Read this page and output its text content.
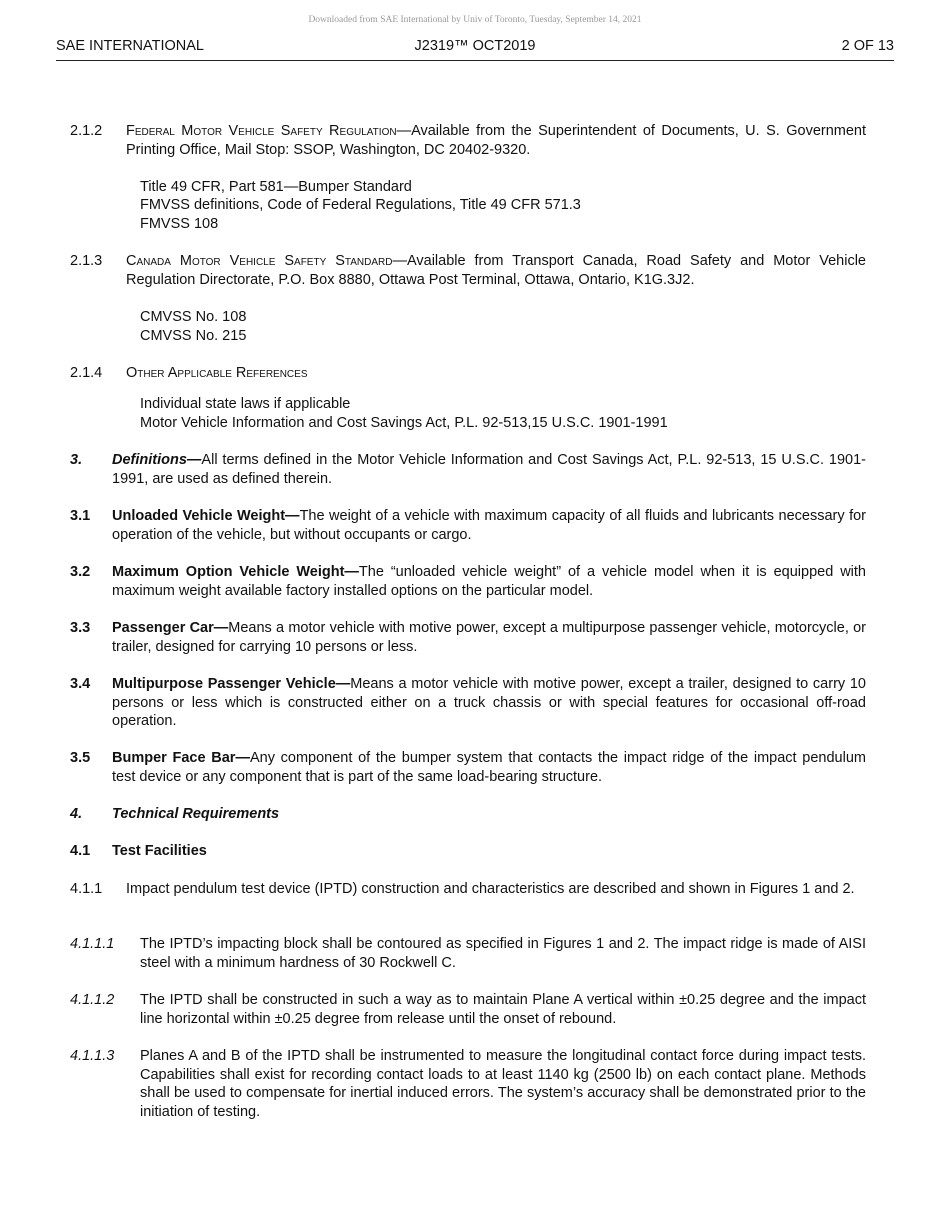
Downloaded from SAE International by Univ of Toronto, Tuesday, September 14, 2021
SAE INTERNATIONAL	J2319™ OCT2019	2 OF 13
2.1.2 Federal Motor Vehicle Safety Regulation—Available from the Superintendent of Documents, U. S. Government Printing Office, Mail Stop: SSOP, Washington, DC 20402-9320.
Title 49 CFR, Part 581—Bumper Standard
FMVSS definitions, Code of Federal Regulations, Title 49 CFR 571.3
FMVSS 108
2.1.3 Canada Motor Vehicle Safety Standard—Available from Transport Canada, Road Safety and Motor Vehicle Regulation Directorate, P.O. Box 8880, Ottawa Post Terminal, Ottawa, Ontario, K1G.3J2.
CMVSS No. 108
CMVSS No. 215
2.1.4 Other Applicable References
Individual state laws if applicable
Motor Vehicle Information and Cost Savings Act, P.L. 92-513,15 U.S.C. 1901-1991
3. Definitions—All terms defined in the Motor Vehicle Information and Cost Savings Act, P.L. 92-513, 15 U.S.C. 1901-1991, are used as defined therein.
3.1 Unloaded Vehicle Weight—The weight of a vehicle with maximum capacity of all fluids and lubricants necessary for operation of the vehicle, but without occupants or cargo.
3.2 Maximum Option Vehicle Weight—The “unloaded vehicle weight” of a vehicle model when it is equipped with maximum weight available factory installed options on the particular model.
3.3 Passenger Car—Means a motor vehicle with motive power, except a multipurpose passenger vehicle, motorcycle, or trailer, designed for carrying 10 persons or less.
3.4 Multipurpose Passenger Vehicle—Means a motor vehicle with motive power, except a trailer, designed to carry 10 persons or less which is constructed either on a truck chassis or with special features for occasional off-road operation.
3.5 Bumper Face Bar—Any component of the bumper system that contacts the impact ridge of the impact pendulum test device or any component that is part of the same load-bearing structure.
4. Technical Requirements
4.1 Test Facilities
4.1.1 Impact pendulum test device (IPTD) construction and characteristics are described and shown in Figures 1 and 2.
4.1.1.1 The IPTD’s impacting block shall be contoured as specified in Figures 1 and 2. The impact ridge is made of AISI steel with a minimum hardness of 30 Rockwell C.
4.1.1.2 The IPTD shall be constructed in such a way as to maintain Plane A vertical within ±0.25 degree and the impact line horizontal within ±0.25 degree from release until the onset of rebound.
4.1.1.3 Planes A and B of the IPTD shall be instrumented to measure the longitudinal contact force during impact tests. Capabilities shall exist for recording contact loads to at least 1140 kg (2500 lb) on each contact plane. Methods shall be used to compensate for inertial induced errors. The system’s accuracy shall be demonstrated prior to the initiation of testing.
